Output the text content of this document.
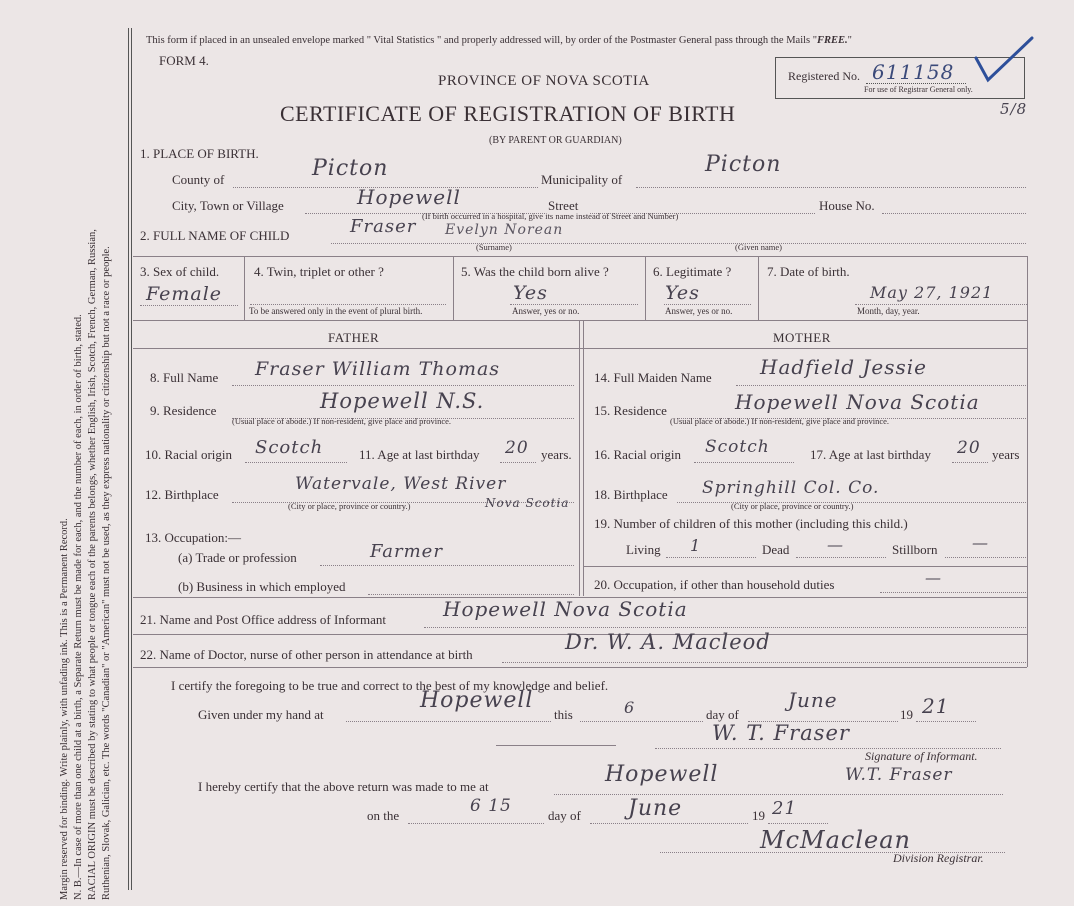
Margin reserved for binding. Write plainly, with unfading ink. This is a Permanent Record. N. B.—In case of more than one child at a birth, a Separate Return must be made for each, and the number of each, in order of birth, stated. RACIAL ORIGIN must be described by stating to what people or tongue each of the parents belongs, whether English, Irish, Scotch, French, German, Russian, Ruthenian, Slovak, Galician, etc. The words "Canadian" or "American" must not be used, as they express nationality or citizenship but not a race or people.
This form if placed in an unsealed envelope marked " Vital Statistics " and properly addressed will, by order of the Postmaster General pass through the Mails "FREE."
FORM 4.
PROVINCE OF NOVA SCOTIA
CERTIFICATE OF REGISTRATION OF BIRTH
(BY PARENT OR GUARDIAN)
Registered No. 611158
For use of Registrar General only.
5/8
1. PLACE OF BIRTH.
County of	Picton	Municipality of
Picton
City, Town or Village	Hopewell	Street
(If birth occurred in a hospital, give its name instead of Street and Number)
House No.
2. FULL NAME OF CHILD	Fraser Evelyn Norean
(Surname)	(Given name)
3. Sex of child.
Female
4. Twin, triplet or other ?
To be answered only in the event of plural birth.
5. Was the child born alive ?
Yes
Answer, yes or no.
6. Legitimate ?
Yes
Answer, yes or no.
7. Date of birth.
May 27, 1921
Month, day, year.
FATHER	MOTHER
8. Full Name Fraser William Thomas
9. Residence	Hopewell N.S.
(Usual place of abode.) If non-resident, give place and province.
10. Racial origin Scotch	11. Age at last birthday 20 years.
12. Birthplace
Watervale, West River
Nova Scotia
(City or place, province or country.)
13. Occupation:—
(a) Trade or profession	Farmer
(b) Business in which employed
14. Full Maiden Name Hadfield Jessie
15. Residence	Hopewell Nova Scotia
(Usual place of abode.) If non-resident, give place and province.
16. Racial origin Scotch	17. Age at last birthday 20 years
18. Birthplace Springhill Col. Co.
(City or place, province or country.)
19. Number of children of this mother (including this child.)
Living 1	Dead —	Stillborn —
20. Occupation, if other than household duties	—
21. Name and Post Office address of Informant	Hopewell Nova Scotia
22. Name of Doctor, nurse of other person in attendance at birth
Dr. W. A. Macleod
I certify the foregoing to be true and correct to the best of my knowledge and belief.
Given under my hand at
Hopewell
this	6	day of
June
19 21
W. T. Fraser
Signature of Informant.
I hereby certify that the above return was made to me at	Hopewell	W.T. Fraser
on the	6 15	day of June	19 21
McMaclean
Division Registrar.
